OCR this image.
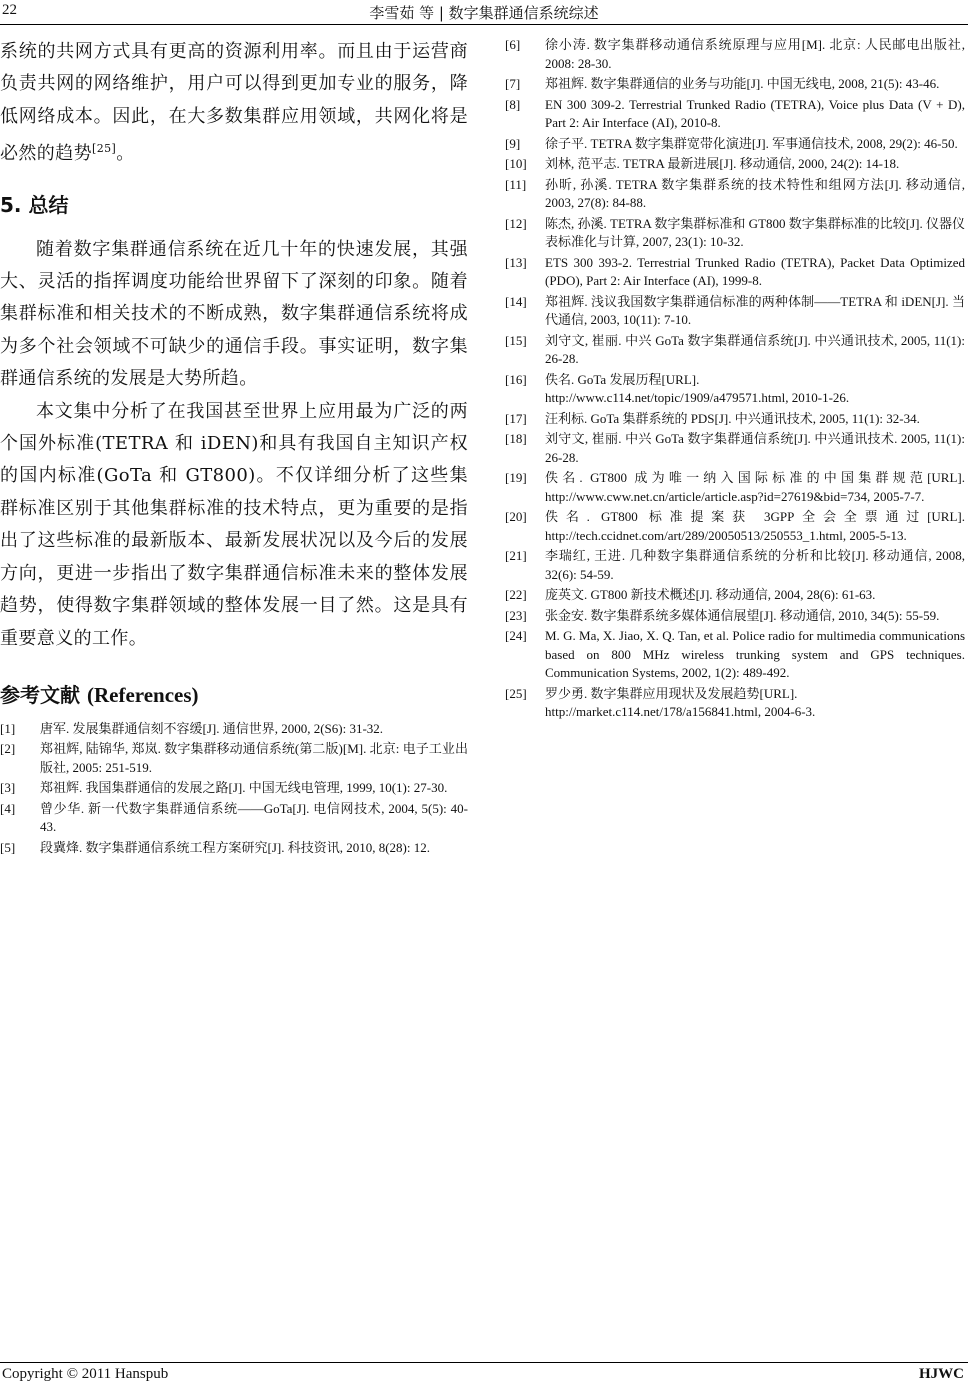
22	李雪茹 等 | 数字集群通信系统综述

系统的共网方式具有更高的资源利用率。而且由于运营商负责共网的网络维护，用户可以得到更加专业的服务，降低网络成本。因此，在大多数集群应用领域，共网化将是必然的趋势[25]。

5. 总结

随着数字集群通信系统在近几十年的快速发展，其强大、灵活的指挥调度功能给世界留下了深刻的印象。随着集群标准和相关技术的不断成熟，数字集群通信系统将成为多个社会领域不可缺少的通信手段。事实证明，数字集群通信系统的发展是大势所趋。

本文集中分析了在我国甚至世界上应用最为广泛的两个国外标准(TETRA 和 iDEN)和具有我国自主知识产权的国内标准(GoTa 和 GT800)。不仅详细分析了这些集群标准区别于其他集群标准的技术特点，更为重要的是指出了这些标准的最新版本、最新发展状况以及今后的发展方向，更进一步指出了数字集群通信标准未来的整体发展趋势，使得数字集群领域的整体发展一目了然。这是具有重要意义的工作。

参考文献 (References)
[1]	唐军. 发展集群通信刻不容缓[J]. 通信世界, 2000, 2(S6): 31-32.
[2]	郑祖辉, 陆锦华, 郑岚. 数字集群移动通信系统(第二版)[M]. 北京: 电子工业出版社, 2005: 251-519.
[3]	郑祖辉. 我国集群通信的发展之路[J]. 中国无线电管理, 1999, 10(1): 27-30.
[4]	曾少华. 新一代数字集群通信系统——GoTa[J]. 电信网技术, 2004, 5(5): 40-43.
[5]	段冀烽. 数字集群通信系统工程方案研究[J]. 科技资讯, 2010, 8(28): 12.
[6]	徐小涛. 数字集群移动通信系统原理与应用[M]. 北京: 人民邮电出版社, 2008: 28-30.
[7]	郑祖辉. 数字集群通信的业务与功能[J]. 中国无线电, 2008, 21(5): 43-46.
[8]	EN 300 309-2. Terrestrial Trunked Radio (TETRA), Voice plus Data (V + D), Part 2: Air Interface (AI), 2010-8.
[9]	徐子平. TETRA 数字集群宽带化演进[J]. 军事通信技术, 2008, 29(2): 46-50.
[10]	刘林, 范平志. TETRA 最新进展[J]. 移动通信, 2000, 24(2): 14-18.
[11]	孙昕, 孙溪. TETRA 数字集群系统的技术特性和组网方法[J]. 移动通信, 2003, 27(8): 84-88.
[12]	陈杰, 孙溪. TETRA 数字集群标准和 GT800 数字集群标准的比较[J]. 仪器仪表标准化与计算, 2007, 23(1): 10-32.
[13]	ETS 300 393-2. Terrestrial Trunked Radio (TETRA), Packet Data Optimized (PDO), Part 2: Air Interface (AI), 1999-8.
[14]	郑祖辉. 浅议我国数字集群通信标准的两种体制——TETRA 和 iDEN[J]. 当代通信, 2003, 10(11): 7-10.
[15]	刘守文, 崔丽. 中兴 GoTa 数字集群通信系统[J]. 中兴通讯技术, 2005, 11(1): 26-28.
[16]	佚名. GoTa 发展历程[URL].
http://www.c114.net/topic/1909/a479571.html, 2010-1-26.
[17]	汪利标. GoTa 集群系统的 PDS[J]. 中兴通讯技术, 2005, 11(1): 32-34.
[18]	刘守文, 崔丽. 中兴 GoTa 数字集群通信系统[J]. 中兴通讯技术. 2005, 11(1): 26-28.
[19]	佚名. GT800 成为唯一纳入国际标准的中国集群规范[URL]. http://www.cww.net.cn/article/article.asp?id=27619&bid=734, 2005-7-7.
[20]	佚名. GT800 标准提案获 3GPP全会全票通过[URL]. http://tech.ccidnet.com/art/289/20050513/250553_1.html, 2005-5-13.
[21]	李瑞红, 王进. 几种数字集群通信系统的分析和比较[J]. 移动通信, 2008, 32(6): 54-59.
[22]	庞英文. GT800 新技术概述[J]. 移动通信, 2004, 28(6): 61-63.
[23]	张金安. 数字集群系统多媒体通信展望[J]. 移动通信, 2010, 34(5): 55-59.
[24]	M. G. Ma, X. Jiao, X. Q. Tan, et al. Police radio for multimedia communications based on 800 MHz wireless trunking system and GPS techniques. Communication Systems, 2002, 1(2): 489-492.
[25]	罗少勇. 数字集群应用现状及发展趋势[URL].
http://market.c114.net/178/a156841.html, 2004-6-3.
Copyright © 2011 Hanspub	HJWC
